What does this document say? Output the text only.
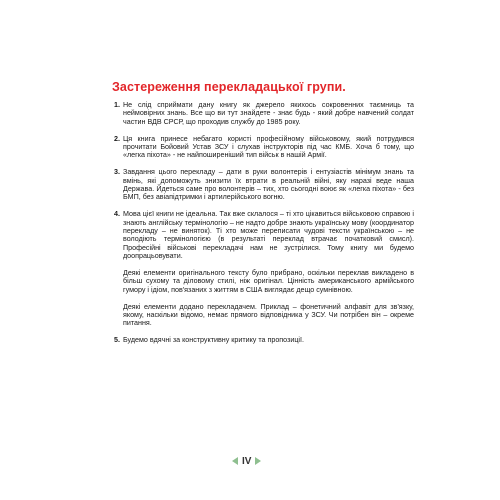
Застереження перекладацької групи.
1. Не слід сприймати дану книгу як джерело якихось сокровенних таємниць та неймовірних знань. Все що ви тут знайдете - знає будь - який добре навчений солдат частин ВДВ СРСР, що проходив службу до 1985 року.
2. Ця книга принесе небагато користі професійному військовому, який потрудився прочитати Бойовий Устав ЗСУ і слухав інструкторів під час КМБ. Хоча б тому, що «легка піхота» - не найпоширеніший тип військ в нашій Армії.
3. Завдання цього перекладу – дати в руки волонтерів і ентузіастів мінімум знань та вмінь, які допоможуть знизити їх втрати в реальній війні, яку наразі веде наша Держава. Йдеться саме про волонтерів – тих, хто сьогодні воює як «легка піхота» - без БМП, без авіапідтримки і артилерійського вогню.
4. Мова цієї книги не ідеальна. Так вже склалося – ті хто цікавиться військовою справою і знають англійську термінологію – не надто добре знають українську мову (координатор перекладу – не виняток). Ті хто може переписати чудові тексти українською – не володіють термінологією (в результаті переклад втрачає початковий смисл). Професійні військові перекладачі нам не зустрілися. Тому книгу ми будемо доопрацьовувати.
Деякі елементи оригінального тексту було прибрано, оскільки переклав викладено в більш сухому та діловому стилі, ніж оригінал. Цінність американського армійського гумору і ідіом, пов'язаних з життям в США виглядає дещо сумнівною.
Деякі елементи додано перекладачем. Приклад – фонетичний алфавіт для зв'язку, якому, наскільки відомо, немає прямого відповідника у ЗСУ. Чи потрібен він – окреме питання.
5. Будемо вдячні за конструктивну критику та пропозиції.
IV
